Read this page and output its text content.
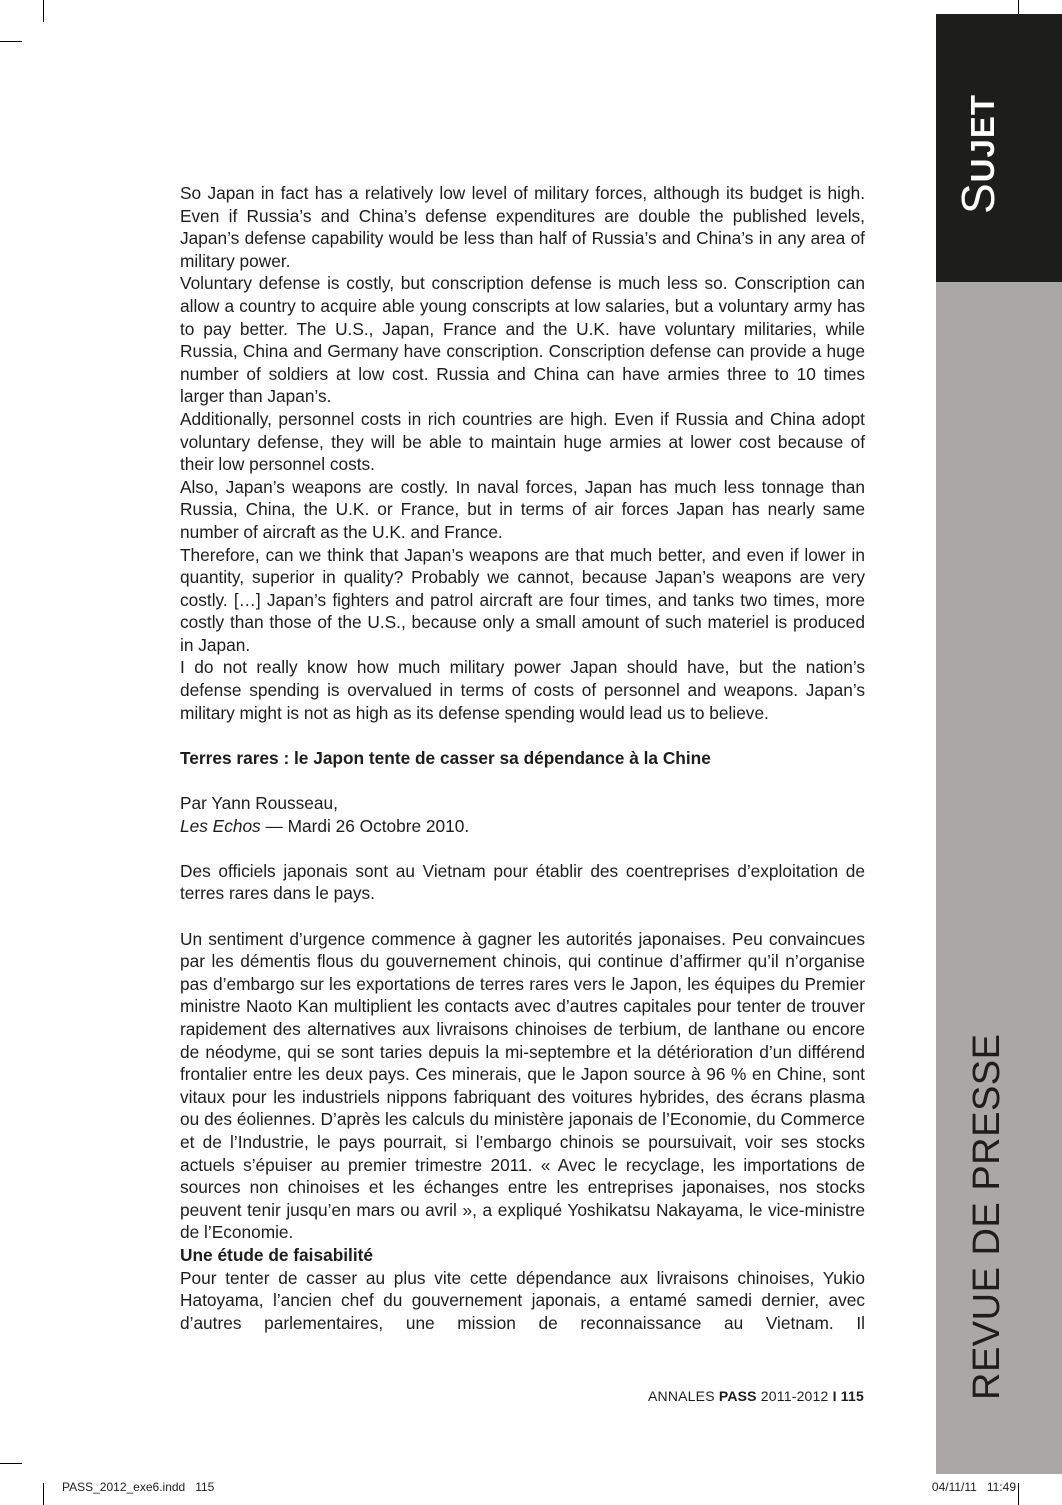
SUJET
REVUE DE PRESSE

So Japan in fact has a relatively low level of military forces, although its budget is high. Even if Russia’s and China’s defense expenditures are double the published levels, Japan’s defense capability would be less than half of Russia’s and China’s in any area of military power.

Voluntary defense is costly, but conscription defense is much less so. Conscription can allow a country to acquire able young conscripts at low salaries, but a voluntary army has to pay better. The U.S., Japan, France and the U.K. have voluntary militaries, while Russia, China and Germany have conscription. Conscription defense can provide a huge number of soldiers at low cost. Russia and China can have armies three to 10 times larger than Japan’s.

Additionally, personnel costs in rich countries are high. Even if Russia and China adopt voluntary defense, they will be able to maintain huge armies at lower cost because of their low personnel costs.

Also, Japan’s weapons are costly. In naval forces, Japan has much less tonnage than Russia, China, the U.K. or France, but in terms of air forces Japan has nearly same number of aircraft as the U.K. and France.

Therefore, can we think that Japan’s weapons are that much better, and even if lower in quantity, superior in quality? Probably we cannot, because Japan’s weapons are very costly. […] Japan’s fighters and patrol aircraft are four times, and tanks two times, more costly than those of the U.S., because only a small amount of such materiel is produced in Japan.

I do not really know how much military power Japan should have, but the nation’s defense spending is overvalued in terms of costs of personnel and weapons. Japan’s military might is not as high as its defense spending would lead us to believe.

Terres rares : le Japon tente de casser sa dépendance à la Chine

Par Yann Rousseau,

Les Echos — Mardi 26 Octobre 2010.

Des officiels japonais sont au Vietnam pour établir des coentreprises d’exploitation de terres rares dans le pays.

Un sentiment d’urgence commence à gagner les autorités japonaises. Peu convaincues par les démentis flous du gouvernement chinois, qui continue d’affirmer qu’il n’organise pas d’embargo sur les exportations de terres rares vers le Japon, les équipes du Premier ministre Naoto Kan multiplient les contacts avec d’autres capitales pour tenter de trouver rapidement des alternatives aux livraisons chinoises de terbium, de lanthane ou encore de néodyme, qui se sont taries depuis la mi-septembre et la détérioration d’un différend frontalier entre les deux pays. Ces minerais, que le Japon source à 96 % en Chine, sont vitaux pour les industriels nippons fabriquant des voitures hybrides, des écrans plasma ou des éoliennes. D’après les calculs du ministère japonais de l’Economie, du Commerce et de l’Industrie, le pays pourrait, si l’embargo chinois se poursuivait, voir ses stocks actuels s’épuiser au premier trimestre 2011. « Avec le recyclage, les importations de sources non chinoises et les échanges entre les entreprises japonaises, nos stocks peuvent tenir jusqu’en mars ou avril », a expliqué Yoshikatsu Nakayama, le vice-ministre de l’Economie.

Une étude de faisabilité

Pour tenter de casser au plus vite cette dépendance aux livraisons chinoises, Yukio Hatoyama, l’ancien chef du gouvernement japonais, a entamé samedi dernier, avec d’autres parlementaires, une mission de reconnaissance au Vietnam. Il

ANNALES PASS 2011-2012 I 115
PASS_2012_exe6.indd   115	04/11/11   11:49
